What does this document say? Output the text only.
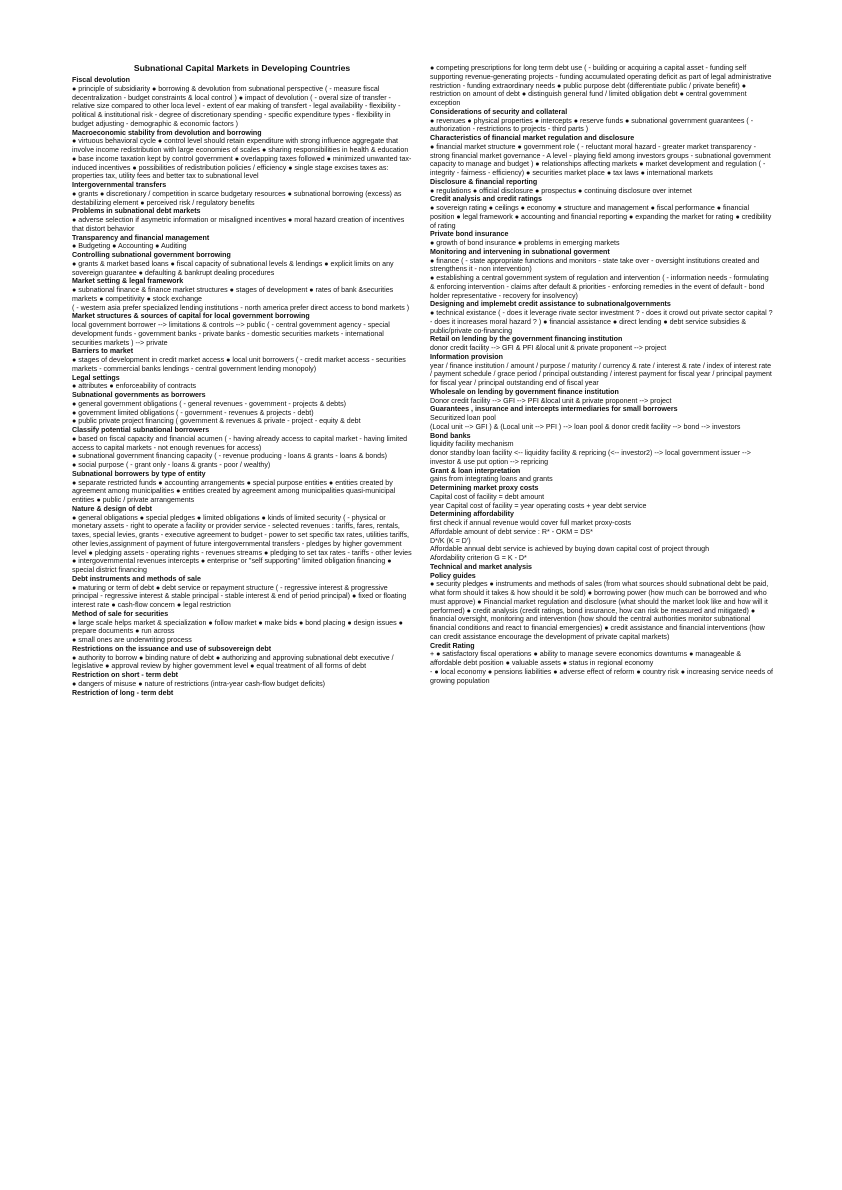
Subnational Capital Markets in Developing Countries
Fiscal devolution
● principle of subsidiarity ● borrowing & devolution from subnational perspective ( - measure fiscal decentralization - budget constraints & local control ) ● impact of devolution ( - overal size of transfer - relative size compared to other loca level - extent of ear making of transfert - legal availability - flexibility - political & institutional risk - degree of discretionary spending - specific expenditure types - flexibility in budget adjusting - demographic & economic factors )
Macroeconomic stability from devolution and borrowing
● virtuous behavioral cycle ● control level should retain expenditure with strong influence aggregate that involve income redistribution with large economies of scales ● sharing responsibilities in health & education ● base income taxation kept by control government ● overlapping taxes followed ● minimized unwanted tax-induced incentives ● possibilities of redistribution policies / efficiency ● single stage excises taxes as: properties tax, utility fees and better tax to subnational level
Intergovernmental transfers
● grants ● discretionary / competition in scarce budgetary resources ● subnational borrowing (excess) as destabilizing element ● perceived risk / regulatory benefits
Problems in subnational debt markets
● adverse selection if asymetric information or misaligned incentives ● moral hazard creation of incentives that distort behavior
Transparency and financial management
● Budgeting ● Accounting ● Auditing
Controlling subnational government borrowing
● grants & market based loans ● fiscal capacity of subnational levels & lendings ● explicit limits on any sovereign guarantee ● defaulting & bankrupt dealing procedures
Market setting & legal framework
● subnational finance & finance market structures ● stages of development ● rates of bank &securities markets ● competitivity ● stock exchange
( - western asia prefer specialized lending institutions - north america prefer direct access to bond markets )
Market structures & sources of capital for local government borrowing
local government borrower --> limitations & controls --> public ( - central government agency - special development funds - government banks - private banks - domestic securities markets - international securities markets ) --> private
Barriers to market
● stages of development in credit market access ● local unit borrowers ( - credit market access - securities markets - commercial banks lendings - central government lending monopoly)
Legal settings
● attributes ● enforceability of contracts
Subnational governments as borrowers
● general government obligations ( - general revenues - government - projects & debts)
● government limited obligations ( - government - revenues & projects - debt)
● public private project financing ( government & revenues & private - project - equity & debt
Classify potential subnational borrowers
● based on fiscal capacity and financial acumen ( - having already access to capital market - having limited access to capital markets - not enough revenues for access)
● subnational government financing capacity ( - revenue producing - loans & grants - loans & bonds)
● social purpose ( - grant only - loans & grants - poor / wealthy)
Subnational borrowers by type of entity
● separate restricted funds ● accounting arrangements ● special purpose entities ● entities created by agreement among municipalities ● entities created by agreement among municipalities quasi-municipal entities ● public / private arrangements
Nature & design of debt
● general obligations ● special pledges ● limited obligations ● kinds of limited security ( - physical or monetary assets - right to operate a facility or provider service - selected revenues : tariffs, fares, rentals, taxes, special levies, grants - executive agreement to budget - power to set specific tax rates, utilities tariffs, other levies,assignment of payment of future intergovernmental transfers - pledges by higher government level ● pledging assets - operating rights - revenues streams ● pledging to set tax rates - tariffs - other levies ● intergovernmental revenues intercepts ● enterprise or "self supporting" limited obligation financing ● special district financing
Debt instruments and methods of sale
● maturing or term of debt ● debt service or repayment structure ( - regressive interest & progressive principal - regressive interest & stable principal - stable interest & end of period principal) ● fixed or floating interest rate ● cash-flow concern ● legal restriction
Method of sale for securities
● large scale helps market & specialization ● follow market ● make bids ● bond placing ● design issues ● prepare documents ● run across
● small ones are underwriting process
Restrictions on the issuance and use of subsovereign debt
● authority to borrow ● binding nature of debt ● authorizing and approving subnational debt executive / legislative ● approval review by higher government level ● equal treatment of all forms of debt
Restriction on short - term debt
● dangers of misuse ● nature of restrictions (intra-year cash-flow budget deficits)
Restriction of long - term debt
● competing prescriptions for long term debt use ( - building or acquiring a capital asset - funding self supporting revenue-generating projects - funding accumulated operating deficit as part of legal administrative restriction - funding extraordinary needs ● public purpose debt (differentiate public / private benefit) ● restriction on amount of debt ● distinguish general fund / limited obligation debt ● central government exception
Considerations of security and collateral
● revenues ● physical properties ● intercepts ● reserve funds ● subnational government guarantees ( - authorization - restrictions to projects - third parts )
Characteristics of financial market regulation and disclosure
● financial market structure ● government role ( - reluctant moral hazard - greater market transparency - strong financial market governance - A level - playing field among investors groups - subnational government capacity to manage and budget ) ● relationships affecting markets ● market development and regulation ( - integrity - fairness - efficiency) ● securities market place ● tax laws ● international markets
Disclosure & financial reporting
● regulations ● official disclosure ● prospectus ● continuing disclosure over internet
Credit analysis and credit ratings
● sovereign rating ● ceilings ● economy ● structure and management ● fiscal performance ● financial position ● legal framework ● accounting and financial reporting ● expanding the market for rating ● credibility of rating
Private bond insurance
● growth of bond insurance ● problems in emerging markets
Monitoring and intervening in subnational goverment
● finance ( - state appropriate functions and monitors - state take over - oversight institutions created and strengthens it - non intervention)
● establishing a central government system of regulation and intervention ( - information needs - formulating & enforcing intervention - claims after default & priorities - enforcing remedies in the event of default - bond holder representative - recovery for insolvency)
Designing and implemebt credit assistance to subnationalgovernments
● technical existance ( - does it leverage rivate sector investment ? - does it crowd out private sector capital ? - does it increases moral hazard ? ) ● financial assistance ● direct lending ● debt service subsidies & public/private co-financing
Retail on lending by the government financing institution
donor credit facility --> GFI & PFI &local unit & private proponent --> project
Information provision
year / finance institution / amount / purpose / maturity / currency & rate / interest & rate / index of interest rate / payment schedule / grace period / principal outstanding / interest payment for fiscal year / principal payment for fiscal year / principal outstanding end of fiscal year
Wholesale on lending by government finance institution
Donor credit facility --> GFI --> PFI &local unit & private proponent --> project
Guarantees , insurance and intercepts intermediaries for small borrowers
Securitized loan pool
(Local unit --> GFI ) & (Local unit --> PFI ) --> loan pool & donor credit facility --> bond --> investors
Bond banks
liquidity facility mechanism
donor standby loan facility <-- liquidity facility & repricing (<-- investor2) --> local government issuer --> investor & use put option --> repricing
Grant & loan interpretation
gains from integrating loans and grants
Determining market proxy costs
Capital cost of facility = debt amount
year Capital cost of facility = year operating costs + year debt service
Determining affordability
first check if annual revenue would cover full market proxy-costs
Affordable amount of debt service : R* - OKM = DS*
D*/K (K = D')
Affordable annual debt service is achieved by buying down capital cost of project through
Afordability criterion G = K - D*
Technical and market analysis
Policy guides
● security pledges ● instruments and methods of sales (from what sources should subnational debt be paid, what form should it takes & how should it be sold) ● borrowing power (how much can be borrowed and who must approve) ● Financial market regulation and disclosure (what should the market look like and how will it performed) ● credit analysis (credit ratings, bond insurance, how can risk be measured and mitigated) ● financial oversight, monitoring and intervention (how should the central authorities monitor subnational financial conditions and react to financial emergencies) ● credit assistance and financial interventions (how can credit assistance encourage the development of private capital markets)
Credit Rating
+ ● satisfactory fiscal operations ● ability to manage severe economics downturns ● manageable & affordable debt position ● valuable assets ● status in regional economy
- ● local economy ● pensions liabilities ● adverse effect of reform ● country risk ● increasing service needs of growing population
